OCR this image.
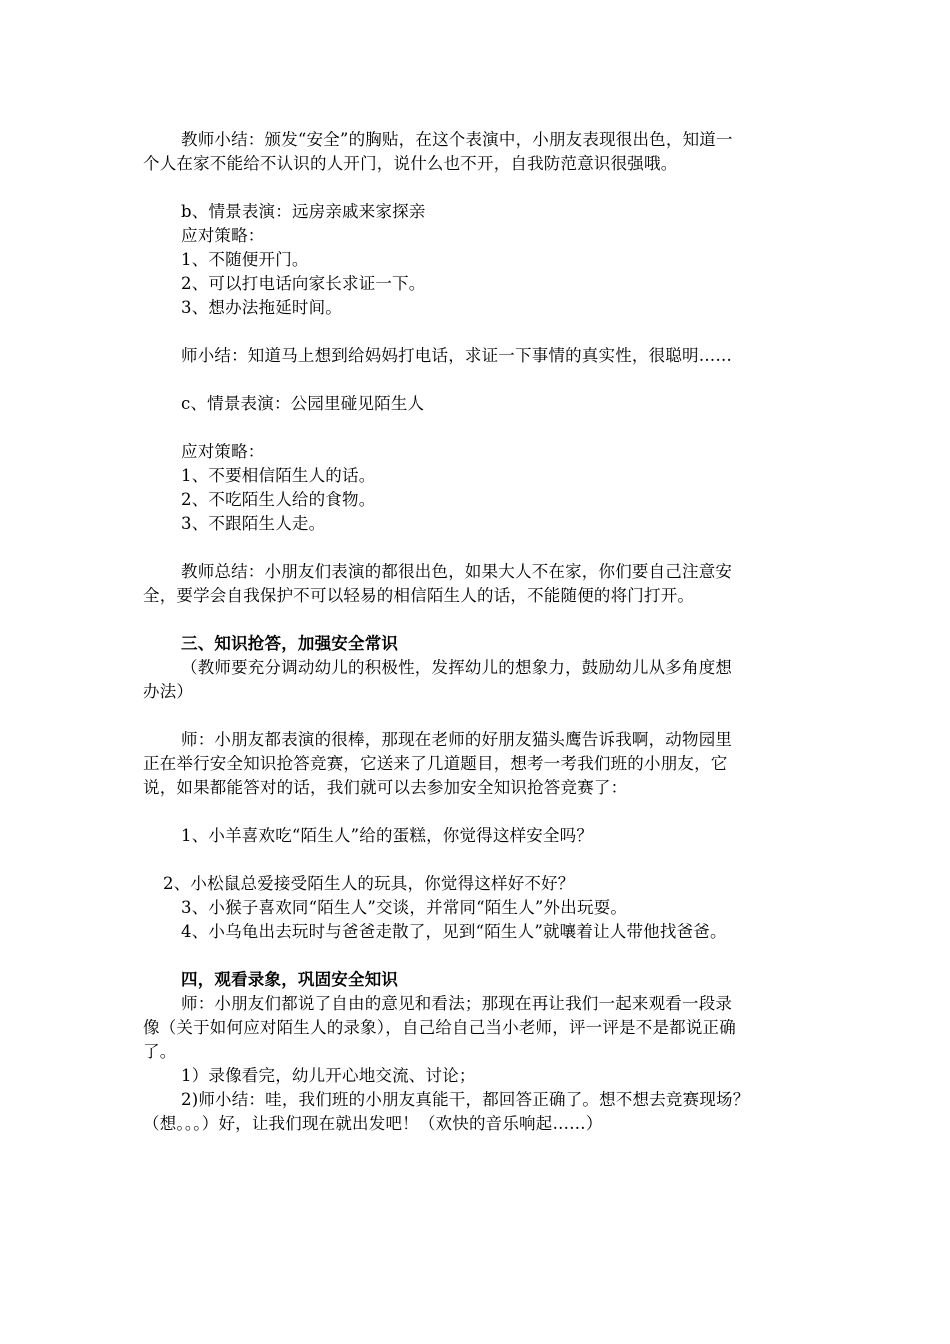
教师小结：颁发“安全”的胸贴，在这个表演中，小朋友表现很出色，知道一
个人在家不能给不认识的人开门，说什么也不开，自我防范意识很强哦。
b、情景表演：远房亲戚来家探亲
应对策略：
1、不随便开门。
2、可以打电话向家长求证一下。
3、想办法拖延时间。
师小结：知道马上想到给妈妈打电话，求证一下事情的真实性，很聪明……
c、情景表演：公园里碰见陌生人
应对策略：
1、不要相信陌生人的话。
2、不吃陌生人给的食物。
3、不跟陌生人走。
教师总结：小朋友们表演的都很出色，如果大人不在家，你们要自己注意安
全，要学会自我保护不可以轻易的相信陌生人的话，不能随便的将门打开。
三、知识抢答，加强安全常识
（教师要充分调动幼儿的积极性，发挥幼儿的想象力，鼓励幼儿从多角度想
办法）
师：小朋友都表演的很棒，那现在老师的好朋友猫头鹰告诉我啊，动物园里
正在举行安全知识抢答竞赛，它送来了几道题目，想考一考我们班的小朋友，它
说，如果都能答对的话，我们就可以去参加安全知识抢答竞赛了：
1、小羊喜欢吃“陌生人”给的蛋糕，你觉得这样安全吗？
2、小松鼠总爱接受陌生人的玩具，你觉得这样好不好？
3、小猴子喜欢同“陌生人”交谈，并常同“陌生人”外出玩耍。
4、小乌龟出去玩时与爸爸走散了，见到“陌生人”就嚷着让人带他找爸爸。
四，观看录象，巩固安全知识
师：小朋友们都说了自由的意见和看法；那现在再让我们一起来观看一段录
像（关于如何应对陌生人的录象），自己给自己当小老师，评一评是不是都说正确
了。
1）录像看完，幼儿开心地交流、讨论；
2)师小结：哇，我们班的小朋友真能干，都回答正确了。想不想去竞赛现场？
（想。。。）好，让我们现在就出发吧！（欢快的音乐响起……）
